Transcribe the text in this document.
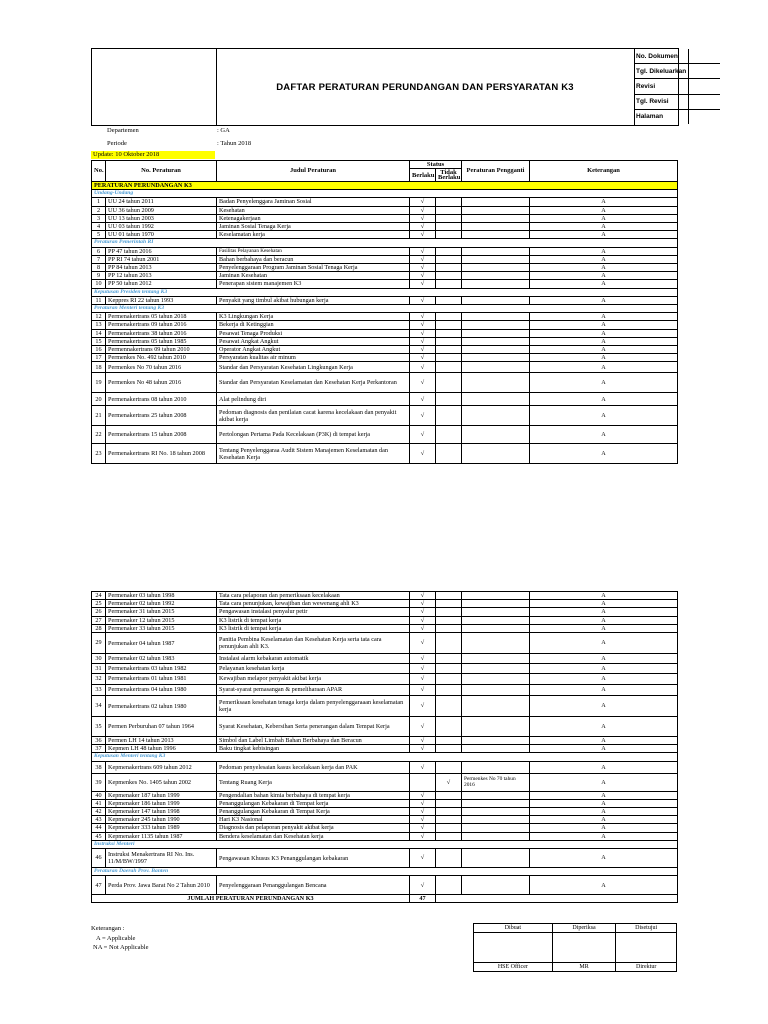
DAFTAR PERATURAN PERUNDANGAN DAN PERSYARATAN K3
No. Dokumen	
Tgl. Dikeluarkan	
Revisi	
Tgl. Revisi	
Halaman	
Departemen	: GA
Periode	: Tahun 2018
Update: 10 Oktober 2018
No.	No. Peraturan	Judul Peraturan	Status		Peraturan Pengganti	Keterangan
			Berlaku	Tidak Berlaku		
PERATURAN PERUNDANGAN K3						
Undang-Undang						
1	UU 24 tahun 2011	Badan Penyelenggara Jaminan Sosial	√			A
2	UU 36 tahun 2009	Kesehatan	√			A
3	UU 13 tahun 2003	Ketenagakerjaan	√			A
4	UU 03 tahun 1992	Jaminan Sosial Tenaga Kerja	√			A
5	UU 01 tahun 1970	Keselamatan kerja	√			A
Peraturan Pemerintah RI						
6	PP 47 tahun 2016	Fasilitas Pelayanan Kesehatan	√			A
7	PP RI 74 tahun 2001	Bahan berbahaya dan beracun	√			A
8	PP 84 tahun 2013	Penyelenggaraan Program Jaminan Sosial Tenaga Kerja	√			A
9	PP 12 tahun 2013	Jaminan Kesehatan	√			A
10	PP 50 tahun 2012	Penerapan sistem manajemen K3	√			A
Keputusan Presiden tentang K3						
11	Keppres RI 22 tahun 1993	Penyakit yang timbul akibat hubungan kerja	√			A
Peraturan Menteri tentang K3						
12	Permenakertrans 05 tahun 2018	K3 Lingkungan Kerja	√			A
13	Permenakertrans 09 tahun 2016	Bekerja di Ketinggian	√			A
14	Permenakertrans 38 tahun 2016	Pesawat Tenaga Produksi	√			A
15	Permenakertrans 05 tahun 1985	Pesawat Angkat Angkut	√			A
16	Permennakertrans 09 tahun 2010	Operator Angkat Angkut	√			A
17	Permenkes No. 492 tahun 2010	Persyaratan kualitas air minum	√			A
18	Permenkes No 70 tahun 2016	Standar dan Persyaratan Kesehatan Lingkungan Kerja	√			A
19	Permenkes No 48 tahun 2016	Standar dan Persyaratan Keselamatan dan Kesehatan Kerja Perkantoran	√			A
20	Permenakertrans 08 tahun 2010	Alat pelindung diri	√			A
21	Permenakertrans 25 tahun 2008	Pedoman diagnosis dan penilaian cacat karena kecelakaan dan penyakit akibat kerja	√			A
22	Permenakertrans 15 tahun 2008	Pertolongan Pertama Pada Kecelakaan (P3K) di tempat kerja	√			A
23	Permenakertrans RI No. 18 tahun 2008	Tentang Penyelenggaraa Audit Sistem Manajemen Keselamatan dan Kesehatan Kerja	√			A
24	Permenaker 03 tahun 1998	Tata cara pelaporan dan pemeriksaan kecelakaan	√			A
25	Permenaker 02 tahun 1992	Tata cara penunjukan, kewajiban dan wewenang ahli K3	√			A
26	Permenaker 31 tahun 2015	Pengawasan instalasi penyalur petir	√			A
27	Permenaker 12 tahun 2015	K3 listrik di tempat kerja	√			A
28	Permenaker 33 tahun 2015	K3 listrik di tempat kerja	√			A
29	Permenaker 04 tahun 1987	Panitia Pembina Keselamatan dan Kesehatan Kerja serta tata cara penunjukan ahli K3.	√			A
30	Permenaker 02 tahun 1983	Instalasi alarm kebakaran automatik	√			A
31	Permenakertrans 03 tahun 1982	Pelayanan kesehatan kerja	√			A
32	Permenakertrans 01 tahun 1981	Kewajiban melapor penyakit akibat kerja	√			A
33	Permenakertrans 04 tahun 1980	Syarat-syarat pemasangan & pemeliharaan APAR	√			A
34	Permenakertrans 02 tahun 1980	Pemeriksaan kesehatan tenaga kerja dalam penyelenggaraaan keselamatan kerja	√			A
35	Permen Perburuhan 07 tahun 1964	Syarat Kesehatan, Kebersihan Serta penerangan dalam Tempat Kerja	√			A
36	Permen LH 14 tahun 2013	Simbol dan Label Limbah Bahan Berbahaya dan Beracun	√			A
37	Kepmen LH 48 tahun 1996	Baku tingkat kebisingan	√			A
Keputusan Menteri tentang K3						
38	Kepmenakertrans 609 tahun 2012	Pedoman penyelesaian kasus kecelakaan kerja dan PAK	√			A
39	Kepmenkes No. 1405 tahun 2002	Tentang Ruang Kerja		√	Permenkes No 70 tahun 2016	A
40	Kepmenaker 187 tahun 1999	Pengendalian bahan kimia berbahaya di tempat kerja	√			A
41	Kepmenaker 186 tahun 1999	Penanggulangan Kebakaran di Tempat kerja	√			A
42	Kepmenaker 147 tahun 1998	Penanggulangan Kebakaran di Tempat Kerja	√			A
43	Kepmenaker 245 tahun 1990	Hari K3 Nasional	√			A
44	Kepmenaker 333 tahun 1989	Diagnosis dan pelaporan penyakit akibat kerja	√			A
45	Kepmenaker 1135 tahun 1987	Bendera keselamatan dan Kesehatan kerja	√			A
Instruksi Menteri						
46	Instruksi Menakertrans RI No. Ins. 11/M/BW/1997	Pengawasan Khusus K3 Penanggulangan kebakaran	√			A
Peraturan Daerah Prov. Banten						
47	Perda Prov. Jawa Barat No 2 Tahun 2010	Penyelenggaraan Penanggulangan Bencana	√			A
JUMLAH PERATURAN PERUNDANGAN K3			47			
Keterangan :
A = Applicable
NA = Not Applicable
Dibuat	Diperiksa	Disetujui

HSE Officer	MR	Direktur
